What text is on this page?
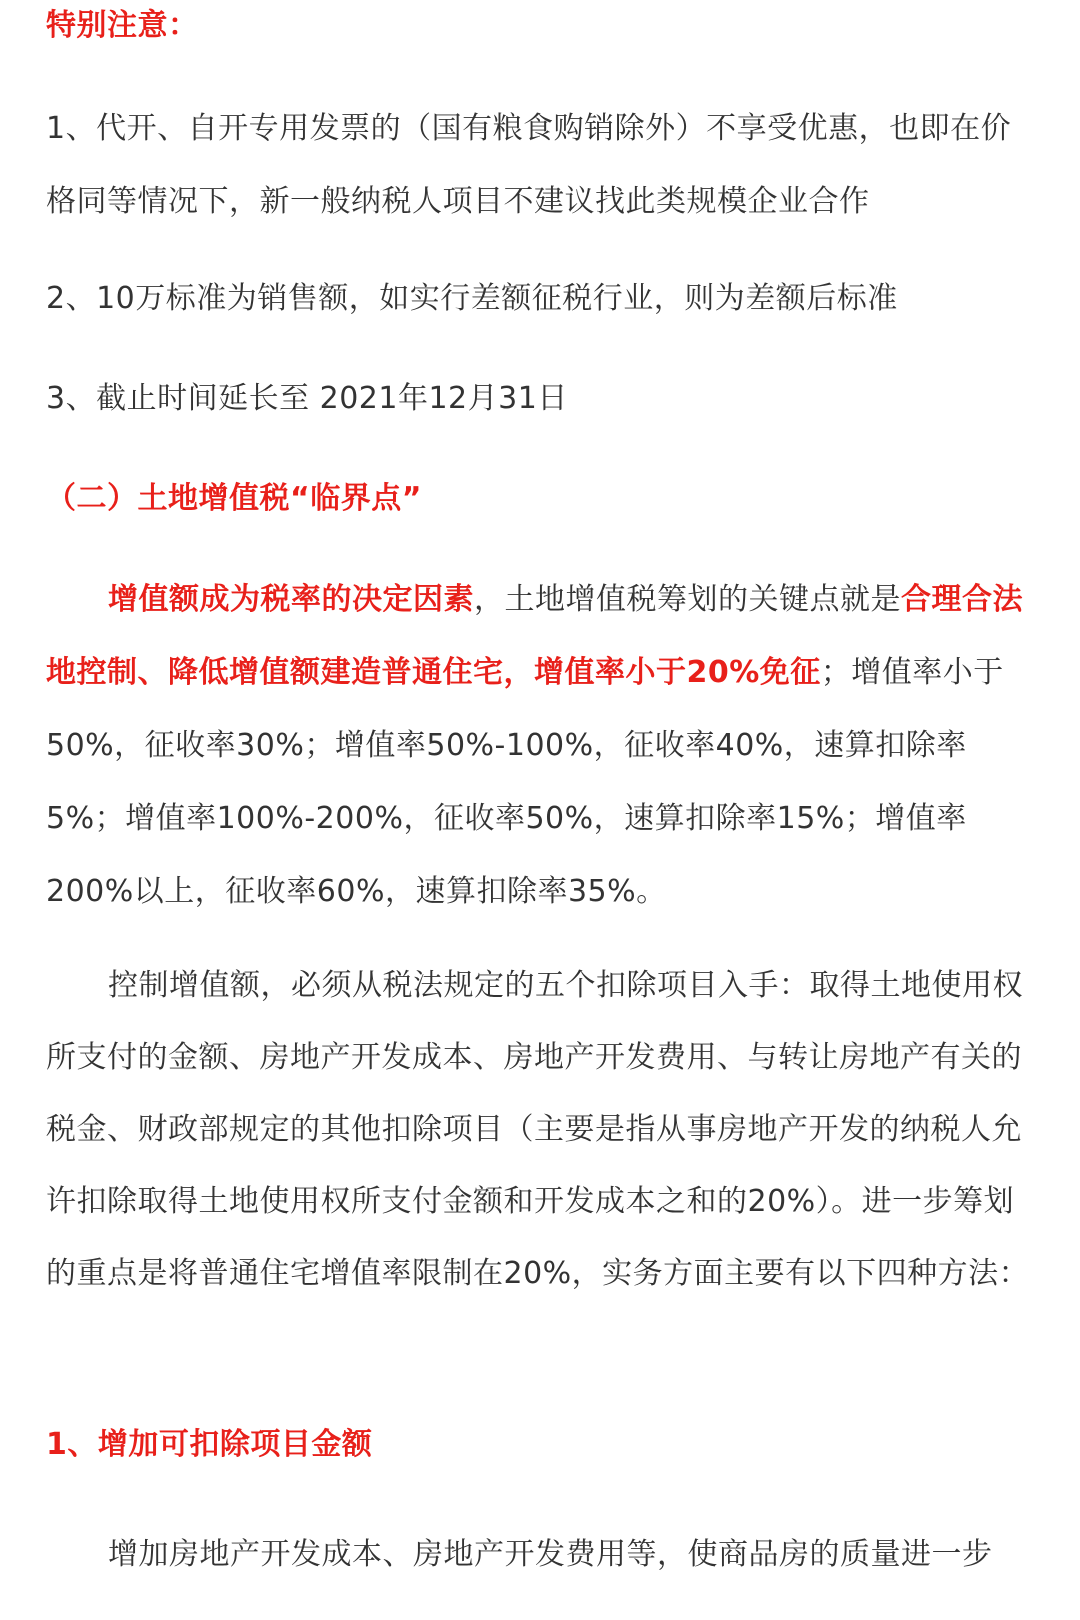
特别注意：

1、代开、自开专用发票的（国有粮食购销除外）不享受优惠，也即在价格同等情况下，新一般纳税人项目不建议找此类规模企业合作

2、10万标准为销售额，如实行差额征税行业，则为差额后标准

3、截止时间延长至 2021年12月31日

（二）土地增值税“临界点”

增值额成为税率的决定因素，土地增值税筹划的关键点就是合理合法地控制、降低增值额建造普通住宅，增值率小于20%免征；增值率小于50%，征收率30%；增值率50%-100%，征收率40%，速算扣除率5%；增值率100%-200%，征收率50%，速算扣除率15%；增值率200%以上，征收率60%，速算扣除率35%。

控制增值额，必须从税法规定的五个扣除项目入手：取得土地使用权所支付的金额、房地产开发成本、房地产开发费用、与转让房地产有关的税金、财政部规定的其他扣除项目（主要是指从事房地产开发的纳税人允许扣除取得土地使用权所支付金额和开发成本之和的20%）。进一步筹划的重点是将普通住宅增值率限制在20%，实务方面主要有以下四种方法：

1、增加可扣除项目金额

增加房地产开发成本、房地产开发费用等，使商品房的质量进一步
